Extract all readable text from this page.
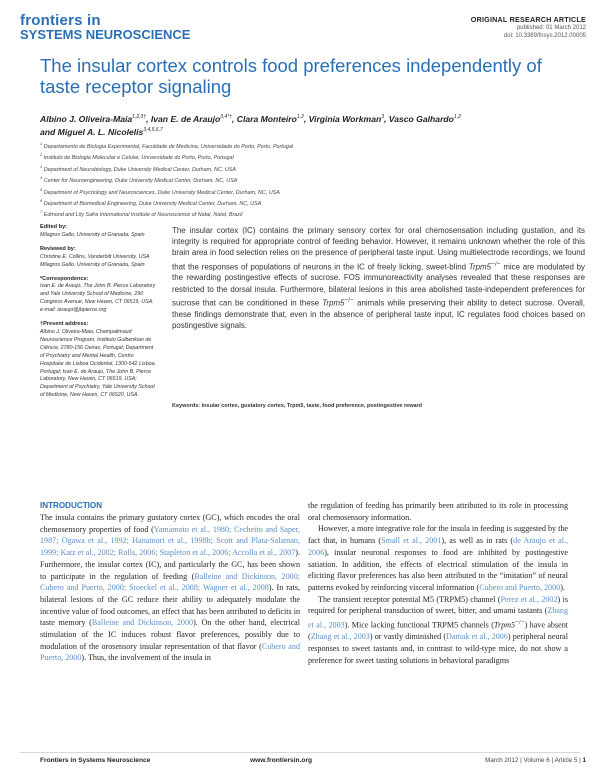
frontiers in
SYSTEMS NEUROSCIENCE
ORIGINAL RESEARCH ARTICLE
published: 01 March 2012
doi: 10.3389/fnsys.2012.00005
The insular cortex controls food preferences independently of taste receptor signaling
Albino J. Oliveira-Maia$^{1,2,3\dagger}$, Ivan E. de Araujo$^{3,4*\dagger}$, Clara Monteiro$^{1,2}$, Virginia Workman$^3$, Vasco Galhardo$^{1,2}$
and Miguel A. L. Nicolelis$^{3,4,5,6,7}$
$^1$ Departamento de Biologia Experimental, Faculdade de Medicina, Universidade do Porto, Porto, Portugal
$^2$ Instituto de Biologia Molecular e Celular, Universidade do Porto, Porto, Portugal
$^3$ Department of Neurobiology, Duke University Medical Center, Durham, NC, USA
$^4$ Center for Neuroengineering, Duke University Medical Center, Durham, NC, USA
$^5$ Department of Psychology and Neurosciences, Duke University Medical Center, Durham, NC, USA
$^6$ Department of Biomedical Engineering, Duke University Medical Center, Durham, NC, USA
$^7$ Edmond and Lily Safra International Institute of Neuroscience of Natal, Natal, Brazil
Edited by:
Milagros Gallo, University of Granada, Spain
Reviewed by:
Christine E. Collins, Vanderbilt University, USA
Milagros Gallo, University of Granada, Spain
*Correspondence:
Ivan E. de Araujo, The John B. Pierce Laboratory and Yale University School of Medicine, 290 Congress Avenue, New Haven, CT 06519, USA.
e-mail: iaraujo@jbpierce.org
†Present address:
Albino J. Oliveira-Maia, Champalimaud Neuroscience Program, Instituto Gulbenkian de Ciência, 2780-156 Oeiras, Portugal; Department of Psychiatry and Mental Health, Centro Hospitalar de Lisboa Ocidental, 1300-542 Lisboa, Portugal; Ivan E. de Araujo, The John B. Pierce Laboratory, New Haven, CT 06519, USA; Department of Psychiatry, Yale University School of Medicine, New Haven, CT 06520, USA.
The insular cortex (IC) contains the primary sensory cortex for oral chemosensation including gustation, and its integrity is required for appropriate control of feeding behavior. However, it remains unknown whether the role of this brain area in food selection relies on the presence of peripheral taste input. Using multielectrode recordings, we found that the responses of populations of neurons in the IC of freely licking, sweet-blind Trpm5−/− mice are modulated by the rewarding postingestive effects of sucrose. FOS immunoreactivity analyses revealed that these responses are restricted to the dorsal insula. Furthermore, bilateral lesions in this area abolished taste-independent preferences for sucrose that can be conditioned in these Trpm5−/− animals while preserving their ability to detect sucrose. Overall, these findings demonstrate that, even in the absence of peripheral taste input, IC regulates food choices based on postingestive signals.
Keywords: insular cortex, gustatory cortex, Trpm5, taste, food preference, postingestive reward
INTRODUCTION

The insula contains the primary gustatory cortex (GC), which encodes the oral chemosensory properties of food (Yamamoto et al., 1980; Cechetto and Saper, 1987; Ogawa et al., 1992; Hanamori et al., 1998b; Scott and Plata-Salaman, 1999; Katz et al., 2002; Rolls, 2006; Stapleton et al., 2006; Accolla et al., 2007). Furthermore, the insular cortex (IC), and particularly the GC, has been shown to participate in the regulation of feeding (Balleine and Dickinson, 2000; Cubero and Puerto, 2000; Stoeckel et al., 2008; Wagner et al., 2008). In rats, bilateral lesions of the GC reduce their ability to adequately modulate the incentive value of food outcomes, an effect that has been attributed to deficits in taste memory (Balleine and Dickinson, 2000). On the other hand, electrical stimulation of the IC induces robust flavor preferences, possibly due to modulation of the orosensory insular representation of that flavor (Cubero and Puerto, 2000). Thus, the involvement of the insula in

the regulation of feeding has primarily been attributed to its role in processing oral chemosensory information.

However, a more integrative role for the insula in feeding is suggested by the fact that, in humans (Small et al., 2001), as well as in rats (de Araujo et al., 2006), insular neuronal responses to food are inhibited by postingestive satiation. In addition, the effects of electrical stimulation of the insula in eliciting flavor preferences has also been attributed to the “imitation” of neural patterns evoked by reinforcing visceral information (Cubero and Puerto, 2000).

The transient receptor potential M5 (TRPM5) channel (Perez et al., 2002) is required for peripheral transduction of sweet, bitter, and umami tastants (Zhang et al., 2003). Mice lacking functional TRPM5 channels (Trpm5−/−) have absent (Zhang et al., 2003) or vastly diminished (Damak et al., 2006) peripheral neural responses to sweet tastants and, in contrast to wild-type mice, do not show a preference for sweet tasting solutions in behavioral paradigms

Frontiers in Systems Neuroscience	www.frontiersin.org	March 2012 | Volume 6 | Article 5 | 1
